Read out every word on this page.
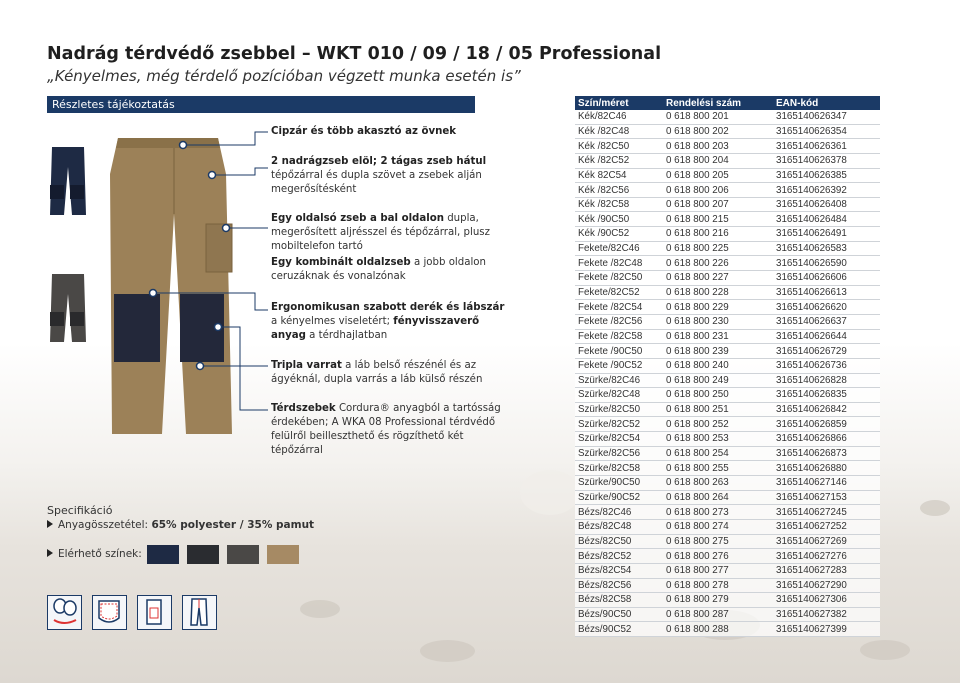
Nadrág térdvédő zsebbel – WKT 010 / 09 / 18 / 05 Professional
„Kényelmes, még térdelő pozícióban végzett munka esetén is”
Részletes tájékoztatás
Cipzár és több akasztó az övnek
2 nadrágzseb elöl; 2 tágas zseb hátul tépőzárral és dupla szövet a zsebek alján megerősítésként
Egy oldalsó zseb a bal oldalon dupla, megerősített aljrésszel és tépőzárral, plusz mobiltelefon tartó
Egy kombinált oldalzseb a jobb oldalon ceruzáknak és vonalzónak
Ergonomikusan szabott derék és lábszár a kényelmes viseletért; fényvisszaverő anyag a térdhajlatban
Tripla varrat a láb belső részénél és az ágyéknál, dupla varrás a láb külső részén
Térdszebek Cordura® anyagból a tartósság érdekében; A WKA 08 Professional térdvédő felülről beilleszthető és rögzíthető két tépőzárral
Specifikáció
Anyagösszetétel: 65% polyester / 35% pamut
Elérhető színek:
Szín/méret	Rendelési szám	EAN-kód
Kék/82C46	0 618 800 201	3165140626347
Kék /82C48	0 618 800 202	3165140626354
Kék /82C50	0 618 800 203	3165140626361
Kék /82C52	0 618 800 204	3165140626378
Kék 82C54	0 618 800 205	3165140626385
Kék /82C56	0 618 800 206	3165140626392
Kék /82C58	0 618 800 207	3165140626408
Kék /90C50	0 618 800 215	3165140626484
Kék /90C52	0 618 800 216	3165140626491
Fekete/82C46	0 618 800 225	3165140626583
Fekete /82C48	0 618 800 226	3165140626590
Fekete /82C50	0 618 800 227	3165140626606
Fekete/82C52	0 618 800 228	3165140626613
Fekete /82C54	0 618 800 229	3165140626620
Fekete /82C56	0 618 800 230	3165140626637
Fekete /82C58	0 618 800 231	3165140626644
Fekete /90C50	0 618 800 239	3165140626729
Fekete /90C52	0 618 800 240	3165140626736
Szürke/82C46	0 618 800 249	3165140626828
Szürke/82C48	0 618 800 250	3165140626835
Szürke/82C50	0 618 800 251	3165140626842
Szürke/82C52	0 618 800 252	3165140626859
Szürke/82C54	0 618 800 253	3165140626866
Szürke/82C56	0 618 800 254	3165140626873
Szürke/82C58	0 618 800 255	3165140626880
Szürke/90C50	0 618 800 263	3165140627146
Szürke/90C52	0 618 800 264	3165140627153
Bézs/82C46	0 618 800 273	3165140627245
Bézs/82C48	0 618 800 274	3165140627252
Bézs/82C50	0 618 800 275	3165140627269
Bézs/82C52	0 618 800 276	3165140627276
Bézs/82C54	0 618 800 277	3165140627283
Bézs/82C56	0 618 800 278	3165140627290
Bézs/82C58	0 618 800 279	3165140627306
Bézs/90C50	0 618 800 287	3165140627382
Bézs/90C52	0 618 800 288	3165140627399
